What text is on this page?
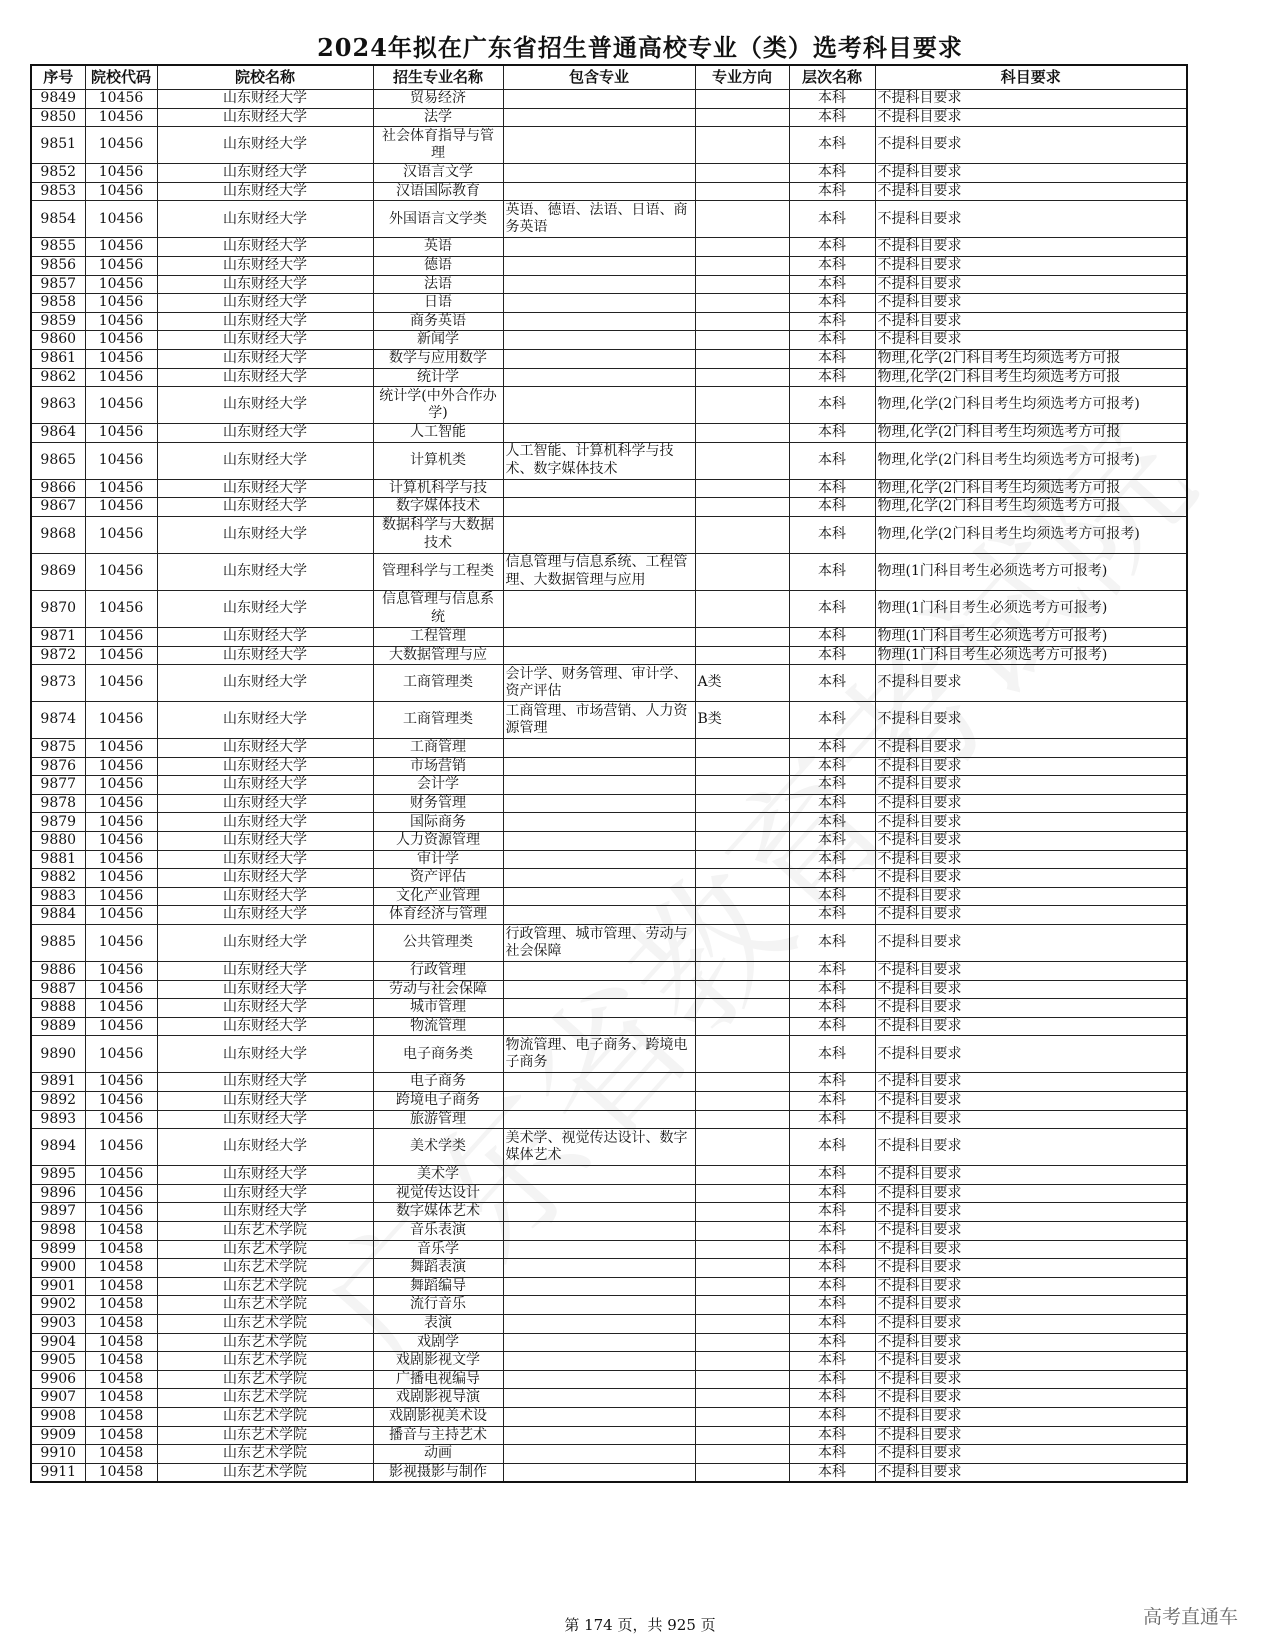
2024年拟在广东省招生普通高校专业（类）选考科目要求
序号	院校代码	院校名称	招生专业名称	包含专业	专业方向	层次名称	科目要求
9849	10456	山东财经大学	贸易经济			本科	不提科目要求
9850	10456	山东财经大学	法学			本科	不提科目要求
9851	10456	山东财经大学	社会体育指导与管理			本科	不提科目要求
9852	10456	山东财经大学	汉语言文学			本科	不提科目要求
9853	10456	山东财经大学	汉语国际教育			本科	不提科目要求
9854	10456	山东财经大学	外国语言文学类	英语、德语、法语、日语、商务英语		本科	不提科目要求
9855	10456	山东财经大学	英语			本科	不提科目要求
9856	10456	山东财经大学	德语			本科	不提科目要求
9857	10456	山东财经大学	法语			本科	不提科目要求
9858	10456	山东财经大学	日语			本科	不提科目要求
9859	10456	山东财经大学	商务英语			本科	不提科目要求
9860	10456	山东财经大学	新闻学			本科	不提科目要求
9861	10456	山东财经大学	数学与应用数学			本科	物理,化学(2门科目考生均须选考方可报
9862	10456	山东财经大学	统计学			本科	物理,化学(2门科目考生均须选考方可报
9863	10456	山东财经大学	统计学(中外合作办学)			本科	物理,化学(2门科目考生均须选考方可报考)
9864	10456	山东财经大学	人工智能			本科	物理,化学(2门科目考生均须选考方可报
9865	10456	山东财经大学	计算机类	人工智能、计算机科学与技术、数字媒体技术		本科	物理,化学(2门科目考生均须选考方可报考)
9866	10456	山东财经大学	计算机科学与技			本科	物理,化学(2门科目考生均须选考方可报
9867	10456	山东财经大学	数字媒体技术			本科	物理,化学(2门科目考生均须选考方可报
9868	10456	山东财经大学	数据科学与大数据技术			本科	物理,化学(2门科目考生均须选考方可报考)
9869	10456	山东财经大学	管理科学与工程类	信息管理与信息系统、工程管理、大数据管理与应用		本科	物理(1门科目考生必须选考方可报考)
9870	10456	山东财经大学	信息管理与信息系统			本科	物理(1门科目考生必须选考方可报考)
9871	10456	山东财经大学	工程管理			本科	物理(1门科目考生必须选考方可报考)
9872	10456	山东财经大学	大数据管理与应			本科	物理(1门科目考生必须选考方可报考)
9873	10456	山东财经大学	工商管理类	会计学、财务管理、审计学、资产评估	A类	本科	不提科目要求
9874	10456	山东财经大学	工商管理类	工商管理、市场营销、人力资源管理	B类	本科	不提科目要求
9875	10456	山东财经大学	工商管理			本科	不提科目要求
9876	10456	山东财经大学	市场营销			本科	不提科目要求
9877	10456	山东财经大学	会计学			本科	不提科目要求
9878	10456	山东财经大学	财务管理			本科	不提科目要求
9879	10456	山东财经大学	国际商务			本科	不提科目要求
9880	10456	山东财经大学	人力资源管理			本科	不提科目要求
9881	10456	山东财经大学	审计学			本科	不提科目要求
9882	10456	山东财经大学	资产评估			本科	不提科目要求
9883	10456	山东财经大学	文化产业管理			本科	不提科目要求
9884	10456	山东财经大学	体育经济与管理			本科	不提科目要求
9885	10456	山东财经大学	公共管理类	行政管理、城市管理、劳动与社会保障		本科	不提科目要求
9886	10456	山东财经大学	行政管理			本科	不提科目要求
9887	10456	山东财经大学	劳动与社会保障			本科	不提科目要求
9888	10456	山东财经大学	城市管理			本科	不提科目要求
9889	10456	山东财经大学	物流管理			本科	不提科目要求
9890	10456	山东财经大学	电子商务类	物流管理、电子商务、跨境电子商务		本科	不提科目要求
9891	10456	山东财经大学	电子商务			本科	不提科目要求
9892	10456	山东财经大学	跨境电子商务			本科	不提科目要求
9893	10456	山东财经大学	旅游管理			本科	不提科目要求
9894	10456	山东财经大学	美术学类	美术学、视觉传达设计、数字媒体艺术		本科	不提科目要求
9895	10456	山东财经大学	美术学			本科	不提科目要求
9896	10456	山东财经大学	视觉传达设计			本科	不提科目要求
9897	10456	山东财经大学	数字媒体艺术			本科	不提科目要求
9898	10458	山东艺术学院	音乐表演			本科	不提科目要求
9899	10458	山东艺术学院	音乐学			本科	不提科目要求
9900	10458	山东艺术学院	舞蹈表演			本科	不提科目要求
9901	10458	山东艺术学院	舞蹈编导			本科	不提科目要求
9902	10458	山东艺术学院	流行音乐			本科	不提科目要求
9903	10458	山东艺术学院	表演			本科	不提科目要求
9904	10458	山东艺术学院	戏剧学			本科	不提科目要求
9905	10458	山东艺术学院	戏剧影视文学			本科	不提科目要求
9906	10458	山东艺术学院	广播电视编导			本科	不提科目要求
9907	10458	山东艺术学院	戏剧影视导演			本科	不提科目要求
9908	10458	山东艺术学院	戏剧影视美术设			本科	不提科目要求
9909	10458	山东艺术学院	播音与主持艺术			本科	不提科目要求
9910	10458	山东艺术学院	动画			本科	不提科目要求
9911	10458	山东艺术学院	影视摄影与制作			本科	不提科目要求
第 174 页，共 925 页	高考直通车
